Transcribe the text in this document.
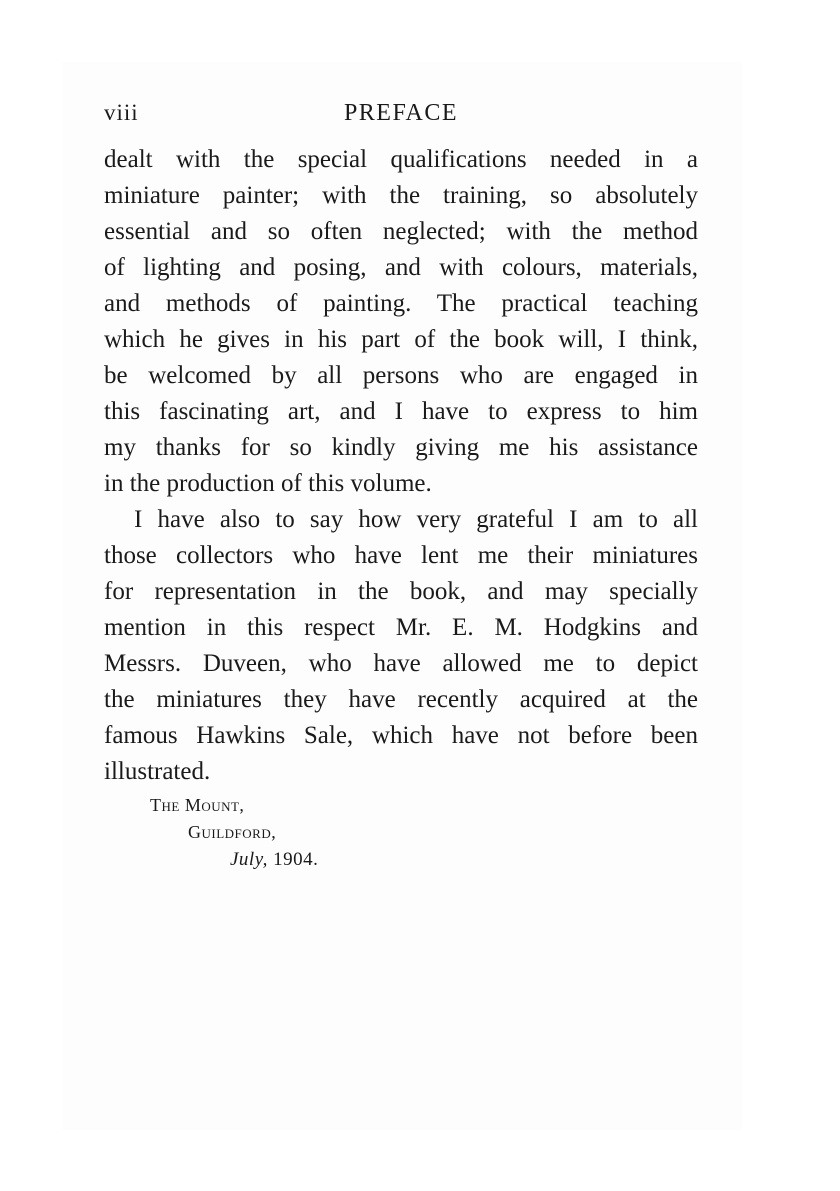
viii	PREFACE
dealt with the special qualifications needed in a
miniature painter; with the training, so absolutely
essential and so often neglected; with the method
of lighting and posing, and with colours, materials,
and methods of painting. The practical teaching
which he gives in his part of the book will, I think,
be welcomed by all persons who are engaged in
this fascinating art, and I have to express to him
my thanks for so kindly giving me his assistance
in the production of this volume.
I have also to say how very grateful I am to all
those collectors who have lent me their miniatures
for representation in the book, and may specially
mention in this respect Mr. E. M. Hodgkins and
Messrs. Duveen, who have allowed me to depict
the miniatures they have recently acquired at the
famous Hawkins Sale, which have not before been
illustrated.
The Mount,
Guildford,
July, 1904.
